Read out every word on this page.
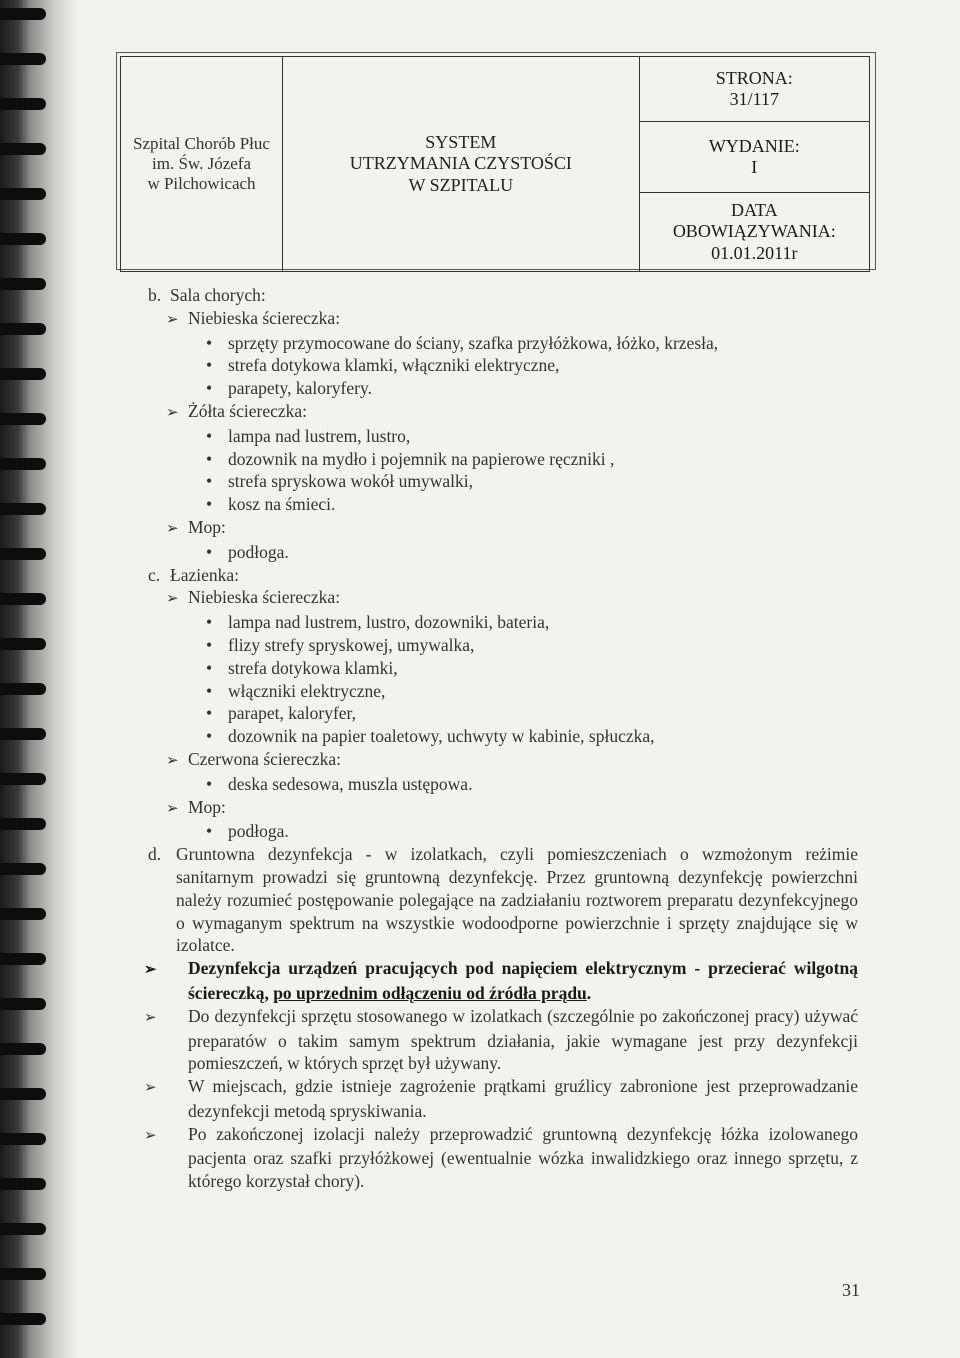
Szpital Chorób Płuc
im. Św. Józefa
w Pilchowicach

SYSTEM
UTRZYMANIA CZYSTOŚCI
W SZPITALU

STRONA:
31/117

WYDANIE:
I

DATA
OBOWIĄZYWANIA:
01.01.2011r
b. Sala chorych:
➢ Niebieska ściereczka:
• sprzęty przymocowane do ściany, szafka przyłóżkowa, łóżko, krzesła,
• strefa dotykowa klamki, włączniki elektryczne,
• parapety, kaloryfery.
➢ Żółta ściereczka:
• lampa nad lustrem, lustro,
• dozownik na mydło i pojemnik na papierowe ręczniki ,
• strefa spryskowa wokół umywalki,
• kosz na śmieci.
➢ Mop:
• podłoga.
c. Łazienka:
➢ Niebieska ściereczka:
• lampa nad lustrem, lustro, dozowniki, bateria,
• flizy strefy spryskowej, umywalka,
• strefa dotykowa klamki,
• włączniki elektryczne,
• parapet, kaloryfer,
• dozownik na papier toaletowy, uchwyty w kabinie, spłuczka,
➢ Czerwona ściereczka:
• deska sedesowa, muszla ustępowa.
➢ Mop:
• podłoga.
d. Gruntowna dezynfekcja - w izolatkach, czyli pomieszczeniach o wzmożonym reżimie sanitarnym prowadzi się gruntowną dezynfekcję. Przez gruntowną dezynfekcję powierzchni należy rozumieć postępowanie polegające na zadziałaniu roztworem preparatu dezynfekcyjnego o wymaganym spektrum na wszystkie wodoodporne powierzchnie i sprzęty znajdujące się w izolatce.
➢ Dezynfekcja urządzeń pracujących pod napięciem elektrycznym - przecierać wilgotną ściereczką, po uprzednim odłączeniu od źródła prądu.
➢ Do dezynfekcji sprzętu stosowanego w izolatkach (szczególnie po zakończonej pracy) używać preparatów o takim samym spektrum działania, jakie wymagane jest przy dezynfekcji pomieszczeń, w których sprzęt był używany.
➢ W miejscach, gdzie istnieje zagrożenie prątkami gruźlicy zabronione jest przeprowadzanie dezynfekcji metodą spryskiwania.
➢ Po zakończonej izolacji należy przeprowadzić gruntowną dezynfekcję łóżka izolowanego pacjenta oraz szafki przyłóżkowej (ewentualnie wózka inwalidzkiego oraz innego sprzętu, z którego korzystał chory).
31
